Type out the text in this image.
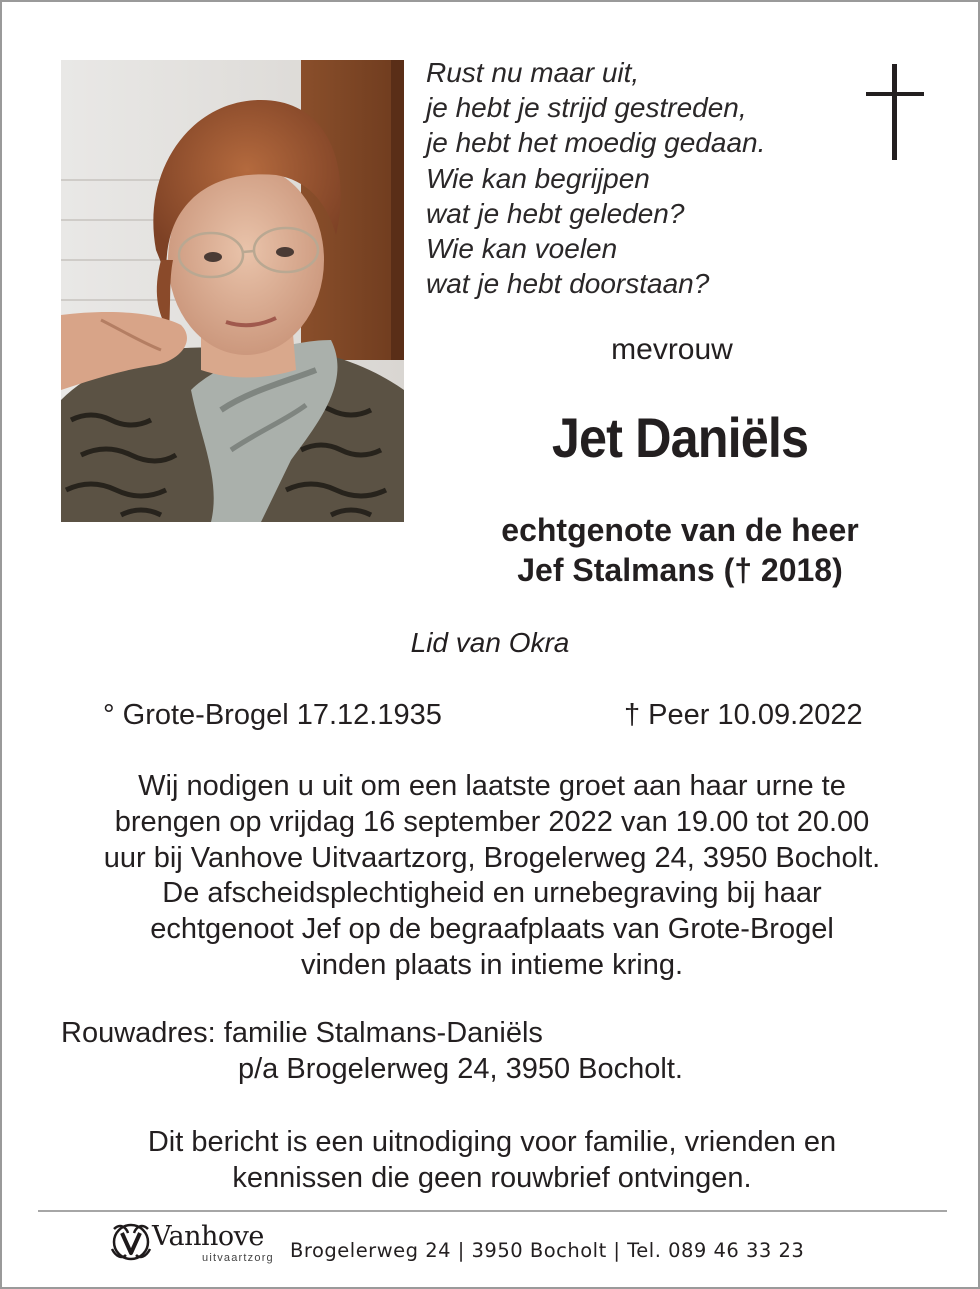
Rust nu maar uit,
je hebt je strijd gestreden,
je hebt het moedig gedaan.
Wie kan begrijpen
wat je hebt geleden?
Wie kan voelen
wat je hebt doorstaan?
mevrouw
Jet Daniëls
echtgenote van de heer
Jef Stalmans († 2018)
Lid van Okra
° Grote-Brogel 17.12.1935	† Peer 10.09.2022
Wij nodigen u uit om een laatste groet aan haar urne te
brengen op vrijdag 16 september 2022 van 19.00 tot 20.00
uur bij Vanhove Uitvaartzorg, Brogelerweg 24, 3950 Bocholt.
De afscheidsplechtigheid en urnebegraving bij haar
echtgenoot Jef op de begraafplaats van Grote-Brogel
vinden plaats in intieme kring.
Rouwadres: familie Stalmans-Daniëls
p/a Brogelerweg 24, 3950 Bocholt.
Dit bericht is een uitnodiging voor familie, vrienden en
kennissen die geen rouwbrief ontvingen.
Vanhove
uitvaartzorg Brogelerweg 24 | 3950 Bocholt | Tel. 089 46 33 23
